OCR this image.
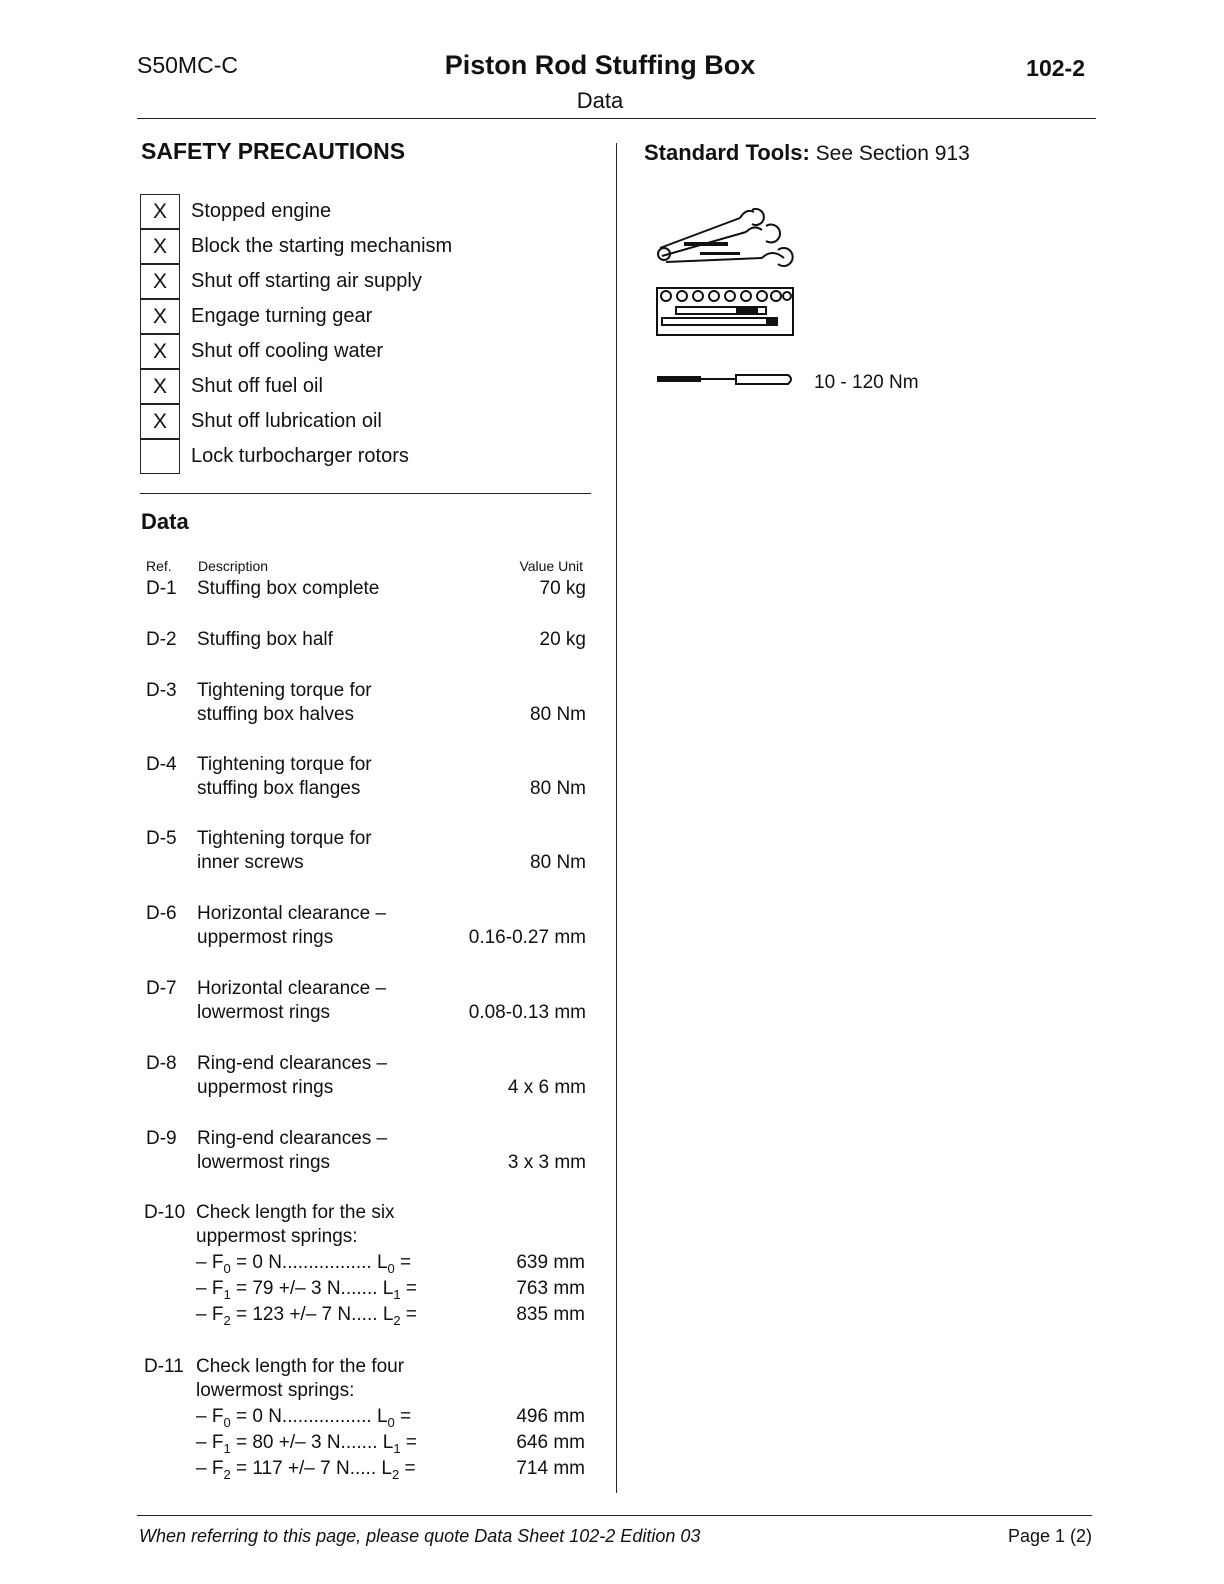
S50MC-C	Piston Rod Stuffing Box
Data
102-2
SAFETY PRECAUTIONS
X	Stopped engine
X	Block the starting mechanism
X	Shut off starting air supply
X	Engage turning gear
X	Shut off cooling water
X	Shut off fuel oil
X	Shut off lubrication oil
Lock turbocharger rotors
Data
Ref. Description	Value Unit
D-1 Stuffing box complete	70 kg
D-2 Stuffing box half	20 kg
D-3 Tightening torque for
stuffing box halves	80 Nm
D-4 Tightening torque for
stuffing box flanges	80 Nm
D-5 Tightening torque for
inner screws	80 Nm
D-6 Horizontal clearance –
uppermost rings	0.16-0.27 mm
D-7 Horizontal clearance –
lowermost rings	0.08-0.13 mm
D-8 Ring-end clearances –
uppermost rings	4 x 6 mm
D-9 Ring-end clearances –
lowermost rings	3 x 3 mm
D-10 Check length for the six
uppermost springs:
– $F_0 = 0$ N................. $L_0$ =	639 mm
– $F_1 = 79$ +/– 3 N....... $L_1$ =	763 mm
– $F_2 = 123$ +/– 7 N..... $L_2$ =	835 mm
D-11 Check length for the four
lowermost springs:
– $F_0 = 0$ N................. $L_0$ =	496 mm
– $F_1 = 80$ +/– 3 N....... $L_1$ =	646 mm
– $F_2 = 117$ +/– 7 N..... $L_2$ =	714 mm
Standard Tools: See Section 913
10 - 120 Nm
When referring to this page, please quote Data Sheet 102-2 Edition 03	Page 1 (2)
